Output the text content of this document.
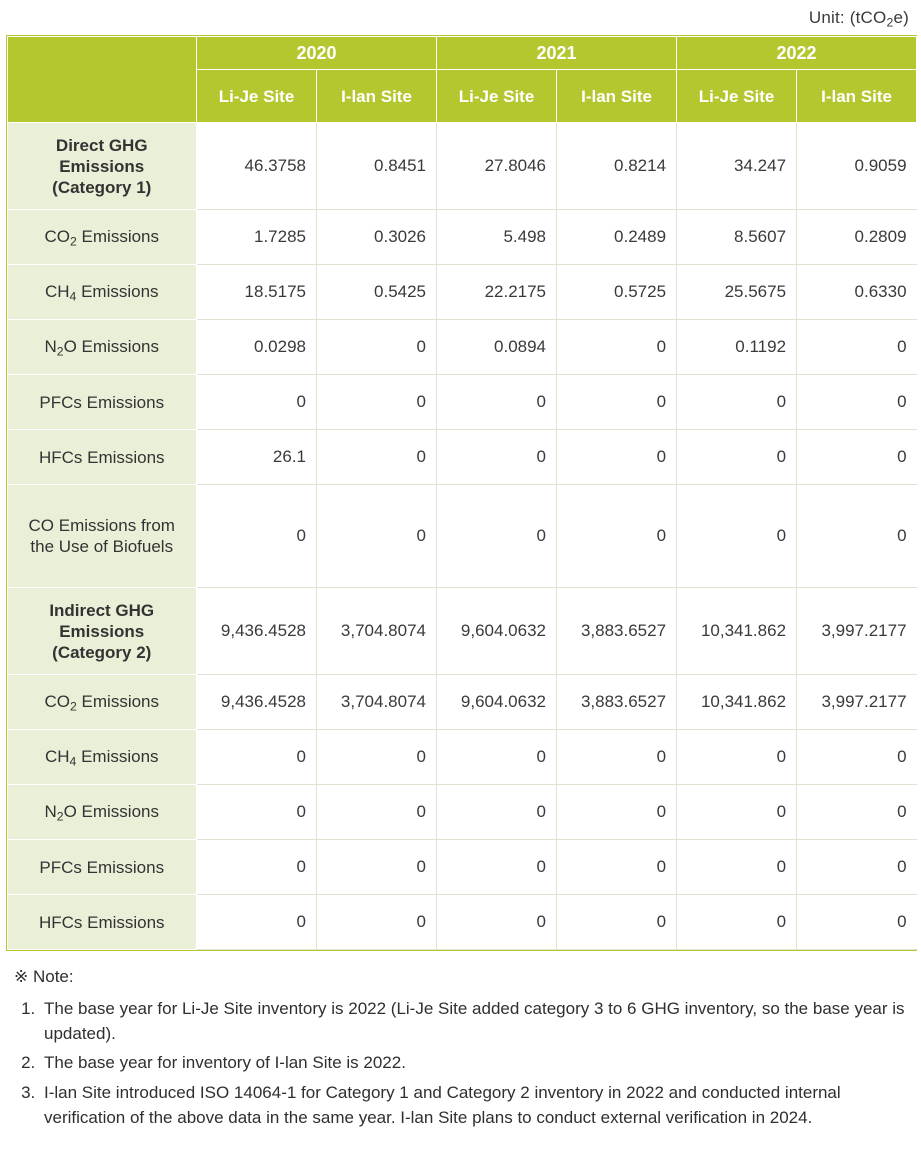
Unit: (tCO$_2$e)
	2020		2021		2022	
	Li-Je Site	I-lan Site	Li-Je Site	I-lan Site	Li-Je Site	I-lan Site
Direct GHG Emissions (Category 1)	46.3758	0.8451	27.8046	0.8214	34.247	0.9059
$CO_2$ Emissions	1.7285	0.3026	5.498	0.2489	8.5607	0.2809
$CH_4$ Emissions	18.5175	0.5425	22.2175	0.5725	25.5675	0.6330
$N_2O$ Emissions	0.0298	0	0.0894	0	0.1192	0
PFCs Emissions	0	0	0	0	0	0
HFCs Emissions	26.1	0	0	0	0	0
CO Emissions from the Use of Biofuels	0	0	0	0	0	0
Indirect GHG Emissions (Category 2)	9,436.4528	3,704.8074	9,604.0632	3,883.6527	10,341.862	3,997.2177
$CO_2$ Emissions	9,436.4528	3,704.8074	9,604.0632	3,883.6527	10,341.862	3,997.2177
$CH_4$ Emissions	0	0	0	0	0	0
$N_2O$ Emissions	0	0	0	0	0	0
PFCs Emissions	0	0	0	0	0	0
HFCs Emissions	0	0	0	0	0	0
※ Note:
1. The base year for Li-Je Site inventory is 2022 (Li-Je Site added category 3 to 6 GHG inventory, so the base year is updated).
2. The base year for inventory of I-lan Site is 2022.
3. I-lan Site introduced ISO 14064-1 for Category 1 and Category 2 inventory in 2022 and conducted internal verification of the above data in the same year. I-lan Site plans to conduct external verification in 2024.
